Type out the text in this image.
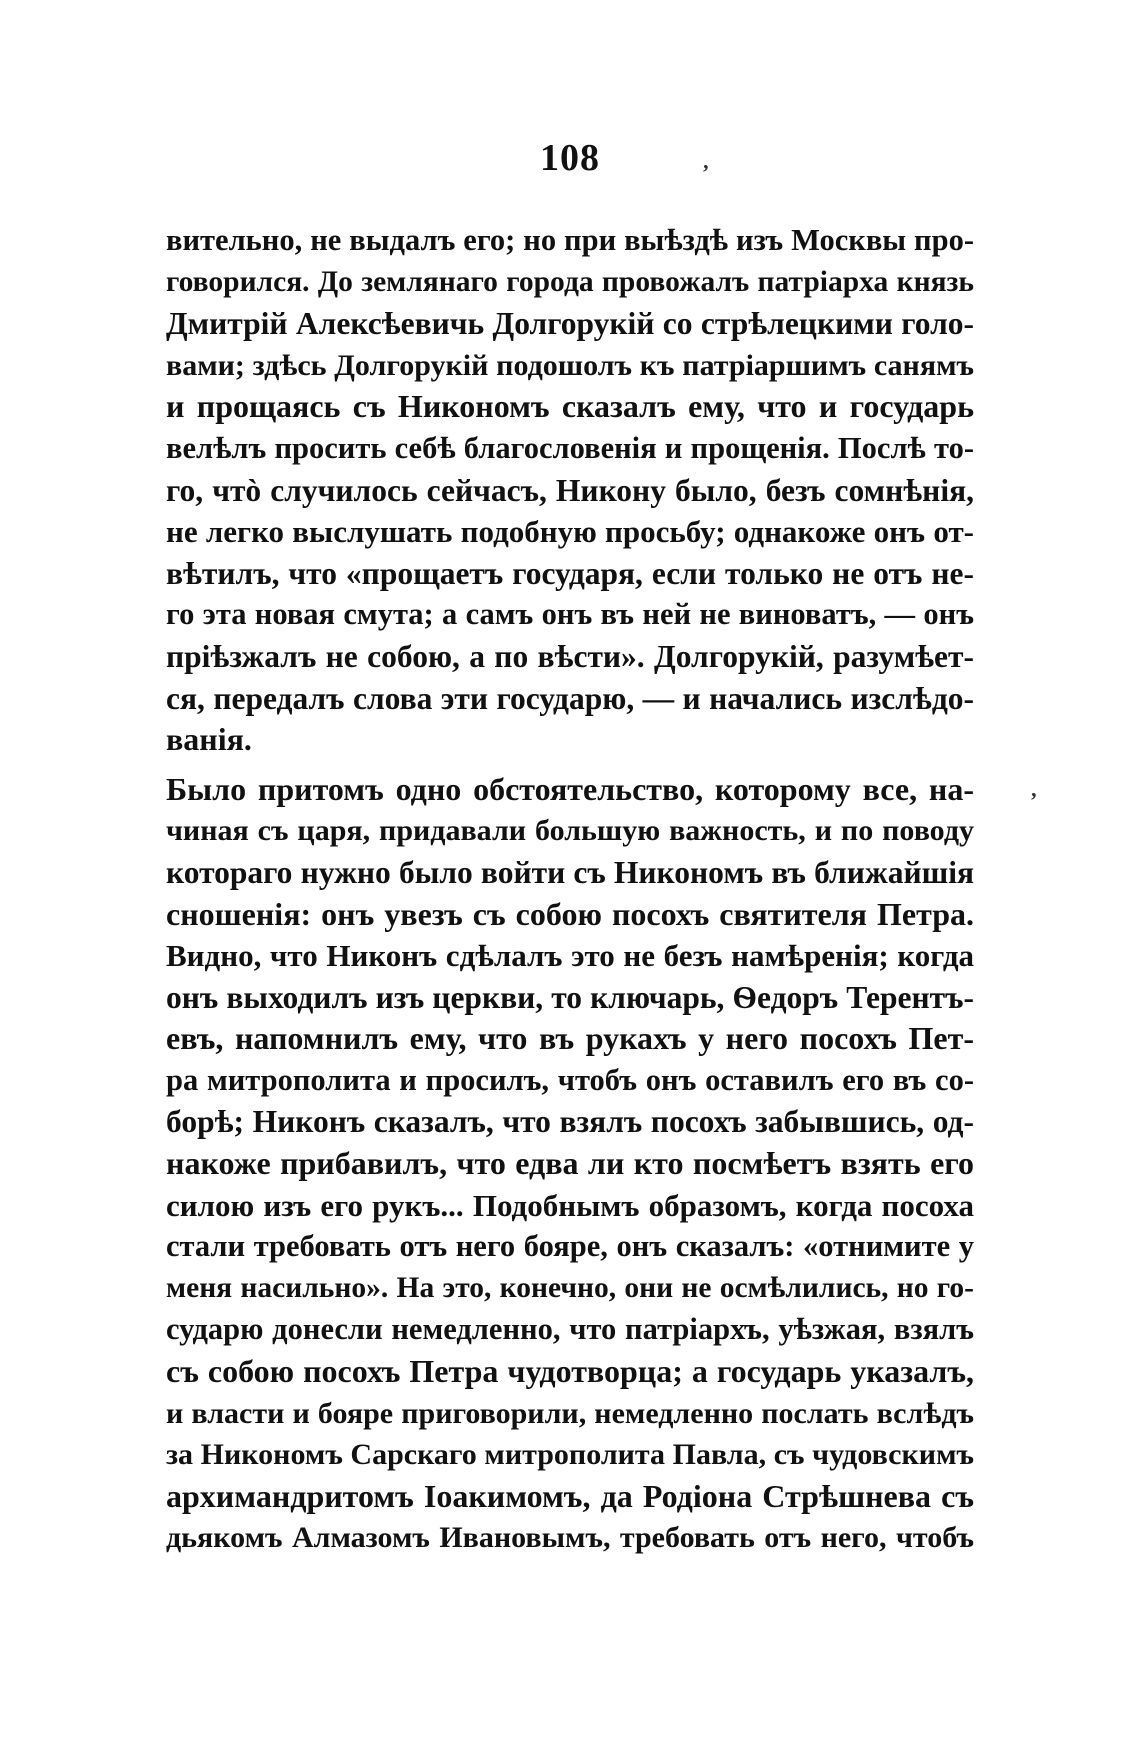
108	ʼ
ʼ
вительно, не выдалъ его; но при выѣздѣ изъ Москвы про-
говорился. До землянаго города провожалъ патріарха князь
Дмитрій Алексѣевичь Долгорукій со стрѣлецкими голо-
вами; здѣсь Долгорукій подошолъ къ патріаршимъ санямъ
и прощаясь съ Никономъ сказалъ ему, что и государь
велѣлъ просить себѣ благословенія и прощенія. Послѣ то-
го, чтò случилось сейчасъ, Никону было, безъ сомнѣнія,
не легко выслушать подобную просьбу; однакоже онъ от-
вѣтилъ, что «прощаетъ государя, если только не отъ не-
го эта новая смута; а самъ онъ въ ней не виноватъ, — онъ
пріѣзжалъ не собою, а по вѣсти». Долгорукій, разумѣет-
ся, передалъ слова эти государю, — и начались изслѣдо-
ванія.
Было притомъ одно обстоятельство, которому все, на-
чиная съ царя, придавали большую важность, и по поводу
котораго нужно было войти съ Никономъ въ ближайшія
сношенія: онъ увезъ съ собою посохъ святителя Петра.
Видно, что Никонъ сдѣлалъ это не безъ намѣренія; когда
онъ выходилъ изъ церкви, то ключарь, Ѳедоръ Терентъ-
евъ, напомнилъ ему, что въ рукахъ у него посохъ Пет-
ра митрополита и просилъ, чтобъ онъ оставилъ его въ со-
борѣ; Никонъ сказалъ, что взялъ посохъ забывшись, од-
накоже прибавилъ, что едва ли кто посмѣетъ взять его
силою изъ его рукъ... Подобнымъ образомъ, когда посоха
стали требовать отъ него бояре, онъ сказалъ: «отнимите у
меня насильно». На это, конечно, они не осмѣлились, но го-
сударю донесли немедленно, что патріархъ, уѣзжая, взялъ
съ собою посохъ Петра чудотворца; а государь указалъ,
и власти и бояре приговорили, немедленно послать вслѣдъ
за Никономъ Сарскаго митрополита Павла, съ чудовскимъ
архимандритомъ Іоакимомъ, да Родіона Стрѣшнева съ
дьякомъ Алмазомъ Ивановымъ, требовать отъ него, чтобъ
